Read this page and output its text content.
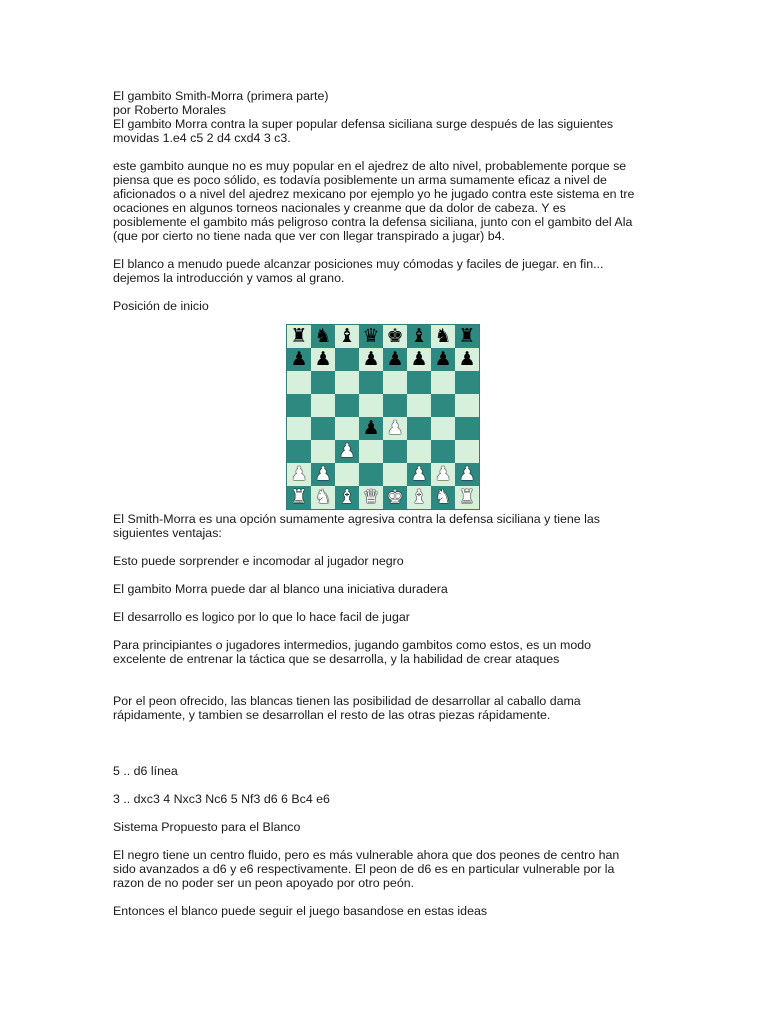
El gambito Smith-Morra (primera parte)

por Roberto Morales

El gambito Morra contra la super popular defensa siciliana surge después de las siguientes
movidas 1.e4 c5 2 d4 cxd4 3 c3.

este gambito aunque no es muy popular en el ajedrez de alto nivel, probablemente porque se
piensa que es poco sólido, es todavía posiblemente un arma sumamente eficaz a nivel de
aficionados o a nivel del ajedrez mexicano por ejemplo yo he jugado contra este sistema en tre
ocaciones en algunos torneos nacionales y creanme que da dolor de cabeza. Y es
posiblemente el gambito más peligroso contra la defensa siciliana, junto con el gambito del Ala
(que por cierto no tiene nada que ver con llegar transpirado a jugar) b4.

El blanco a menudo puede alcanzar posiciones muy cómodas y faciles de juegar. en fin...
dejemos la introducción y vamos al grano.

Posición de inicio

♜ ♞ ♝ ♛ ♚ ♝ ♞ ♜
♟ ♟ ♟ ♟ ♟ ♟ ♟
♟ ♟
♟
♟ ♟	♟ ♟ ♟
♜ ♞ ♝ ♛ ♚ ♝ ♞ ♜

El Smith-Morra es una opción sumamente agresiva contra la defensa siciliana y tiene las
siguientes ventajas:

Esto puede sorprender e incomodar al jugador negro

El gambito Morra puede dar al blanco una iniciativa duradera

El desarrollo es logico por lo que lo hace facil de jugar

Para principiantes o jugadores intermedios, jugando gambitos como estos, es un modo
excelente de entrenar la táctica que se desarrolla, y la habilidad de crear ataques

Por el peon ofrecido, las blancas tienen las posibilidad de desarrollar al caballo dama
rápidamente, y tambien se desarrollan el resto de las otras piezas rápidamente.

5 .. d6 línea

3 .. dxc3 4 Nxc3 Nc6 5 Nf3 d6 6 Bc4 e6

Sistema Propuesto para el Blanco

El negro tiene un centro fluido, pero es más vulnerable ahora que dos peones de centro han
sido avanzados a d6 y e6 respectivamente. El peon de d6 es en particular vulnerable por la
razon de no poder ser un peon apoyado por otro peón.

Entonces el blanco puede seguir el juego basandose en estas ideas
